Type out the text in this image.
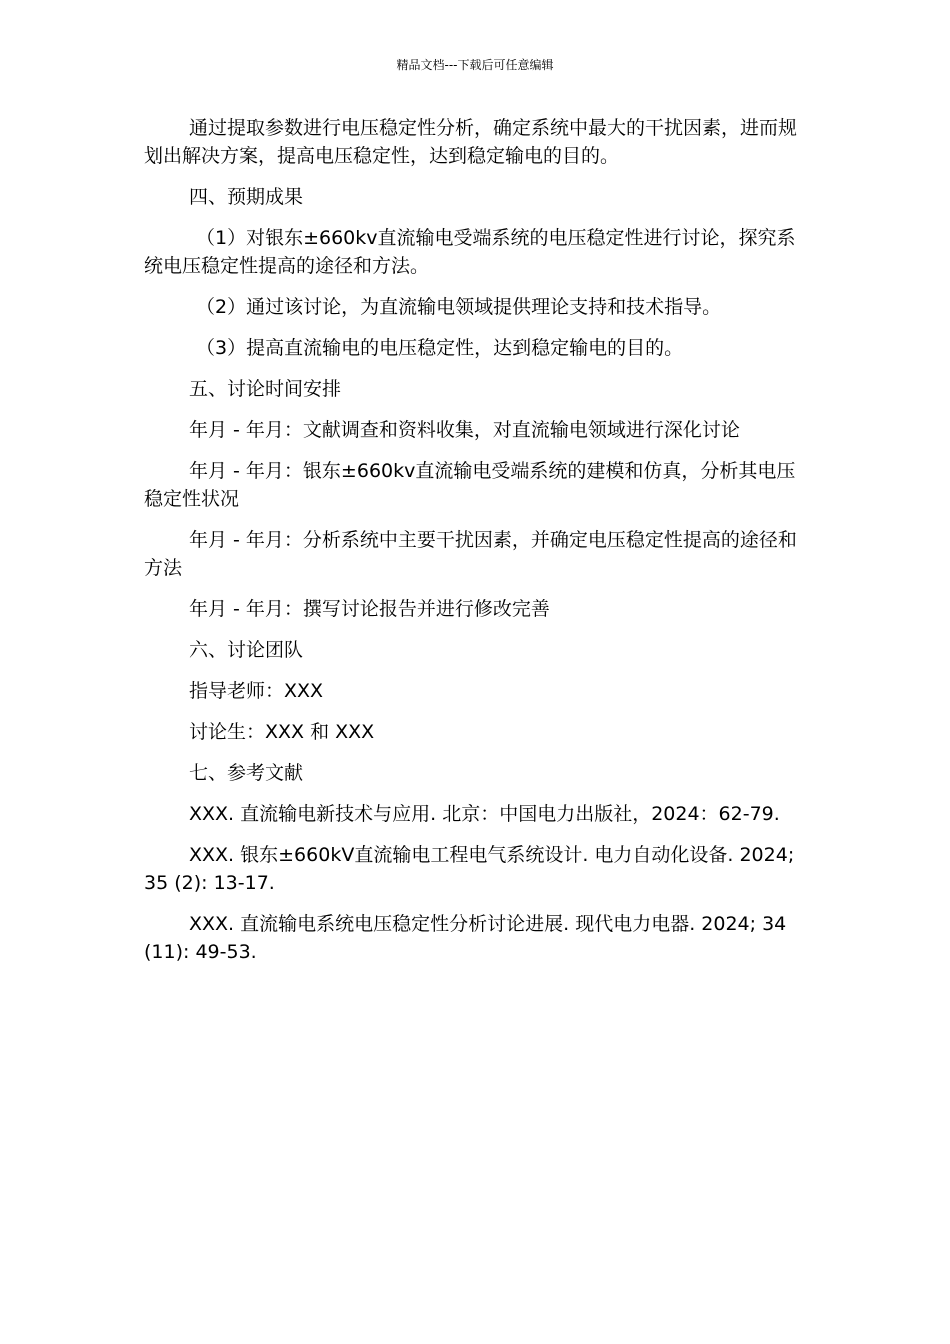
精品文档---下载后可任意编辑

通过提取参数进行电压稳定性分析，确定系统中最大的干扰因素，进而规划出解决方案，提高电压稳定性，达到稳定输电的目的。

四、预期成果

（1）对银东±660kv直流输电受端系统的电压稳定性进行讨论，探究系统电压稳定性提高的途径和方法。

（2）通过该讨论，为直流输电领域提供理论支持和技术指导。

（3）提高直流输电的电压稳定性，达到稳定输电的目的。

五、讨论时间安排

年月 - 年月：文献调查和资料收集，对直流输电领域进行深化讨论

年月 - 年月：银东±660kv直流输电受端系统的建模和仿真，分析其电压稳定性状况

年月 - 年月：分析系统中主要干扰因素，并确定电压稳定性提高的途径和方法

年月 - 年月：撰写讨论报告并进行修改完善

六、讨论团队

指导老师：XXX

讨论生：XXX 和 XXX

七、参考文献

XXX. 直流输电新技术与应用. 北京：中国电力出版社，2024：62-79.

XXX. 银东±660kV直流输电工程电气系统设计. 电力自动化设备. 2024; 35 (2): 13-17.

XXX. 直流输电系统电压稳定性分析讨论进展. 现代电力电器. 2024; 34 (11): 49-53.
